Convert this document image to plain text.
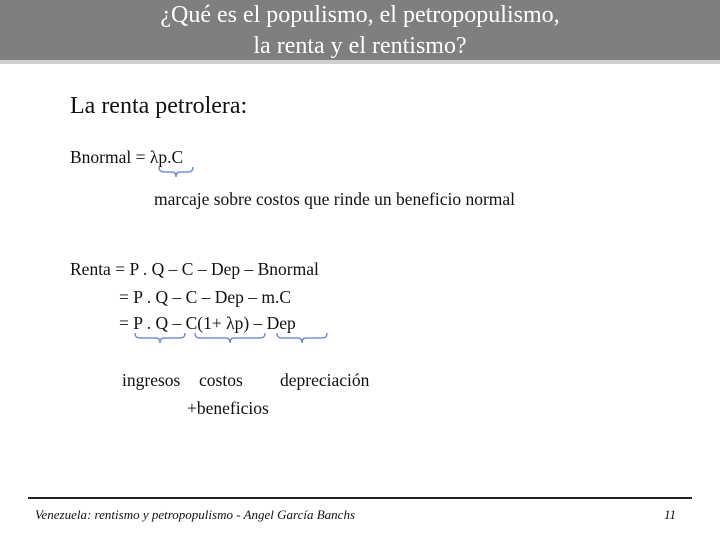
¿Qué es el populismo, el petropopulismo,
la renta y el rentismo?
La renta petrolera:
Bnormal = λp.C
marcaje sobre costos que rinde un beneficio normal
Renta = P . Q – C – Dep – Bnormal
= P . Q – C – Dep – m.C
= P . Q – C(1+ λp) – Dep
ingresos costos depreciación
+beneficios
Venezuela: rentismo y petropopulismo - Angel García Banchs	11
